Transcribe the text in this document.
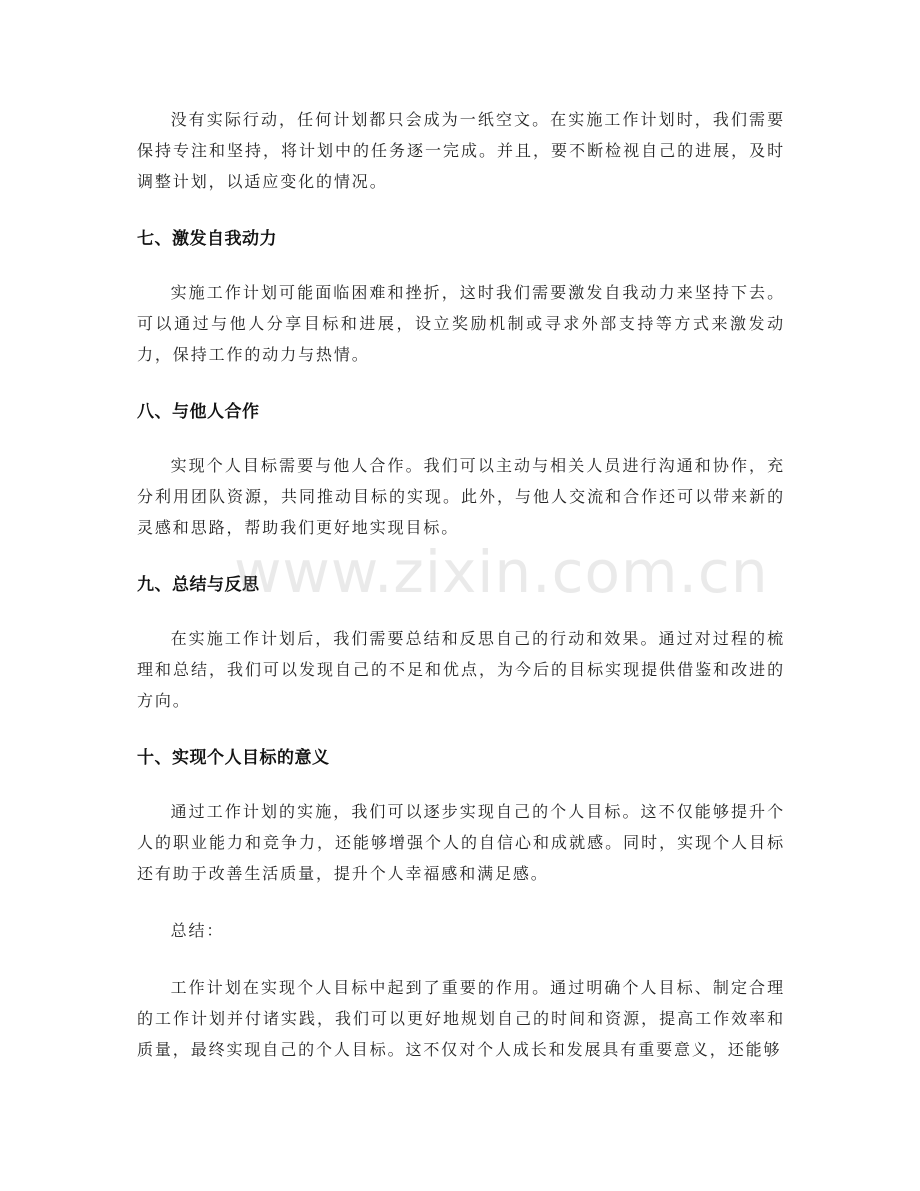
没有实际行动，任何计划都只会成为一纸空文。在实施工作计划时，我们需要保持专注和坚持，将计划中的任务逐一完成。并且，要不断检视自己的进展，及时调整计划，以适应变化的情况。

七、激发自我动力

实施工作计划可能面临困难和挫折，这时我们需要激发自我动力来坚持下去。可以通过与他人分享目标和进展，设立奖励机制或寻求外部支持等方式来激发动力，保持工作的动力与热情。

八、与他人合作

实现个人目标需要与他人合作。我们可以主动与相关人员进行沟通和协作，充分利用团队资源，共同推动目标的实现。此外，与他人交流和合作还可以带来新的灵感和思路，帮助我们更好地实现目标。

九、总结与反思

在实施工作计划后，我们需要总结和反思自己的行动和效果。通过对过程的梳理和总结，我们可以发现自己的不足和优点，为今后的目标实现提供借鉴和改进的方向。

十、实现个人目标的意义

通过工作计划的实施，我们可以逐步实现自己的个人目标。这不仅能够提升个人的职业能力和竞争力，还能够增强个人的自信心和成就感。同时，实现个人目标还有助于改善生活质量，提升个人幸福感和满足感。

总结：

工作计划在实现个人目标中起到了重要的作用。通过明确个人目标、制定合理的工作计划并付诸实践，我们可以更好地规划自己的时间和资源，提高工作效率和质量，最终实现自己的个人目标。这不仅对个人成长和发展具有重要意义，还能够

www.zixin.com.cn
